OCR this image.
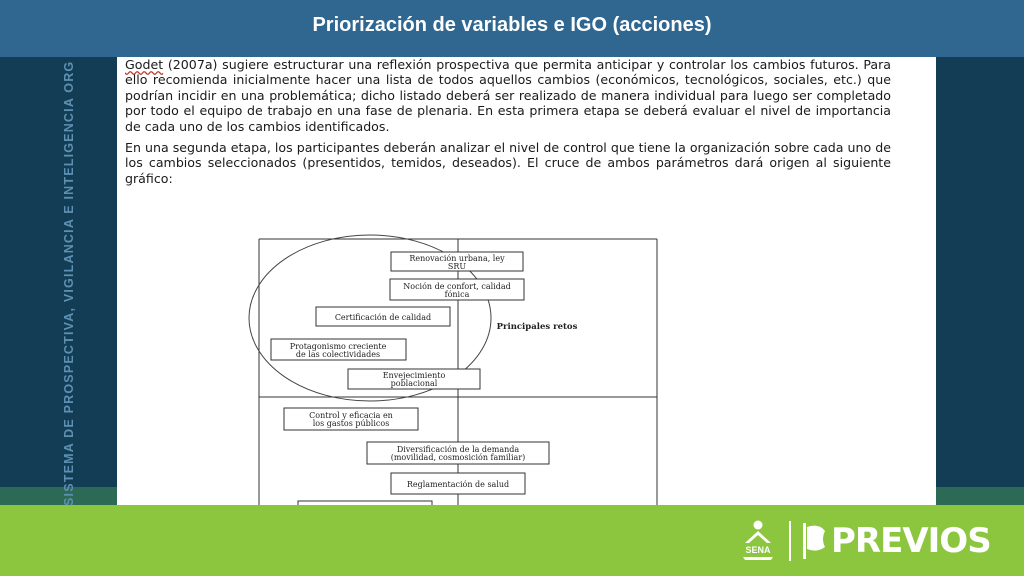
SISTEMA DE PROSPECTIVA, VIGILANCIA E INTELIGENCIA ORG
Priorización de variables e IGO (acciones)

Godet (2007a) sugiere estructurar una reflexión prospectiva que permita anticipar y controlar los cambios futuros. Para ello recomienda inicialmente hacer una lista de todos aquellos cambios (económicos, tecnológicos, sociales, etc.) que podrían incidir en una problemática; dicho listado deberá ser realizado de manera individual para luego ser completado por todo el equipo de trabajo en una fase de plenaria. En esta primera etapa se deberá evaluar el nivel de importancia de cada uno de los cambios identificados.

En una segunda etapa, los participantes deberán analizar el nivel de control que tiene la organización sobre cada uno de los cambios seleccionados (presentidos, temidos, deseados). El cruce de ambos parámetros dará origen al siguiente gráfico:

Renovación urbana, ley
SRU
Noción de confort, calidad
fónica
Certificación de calidad
Protagonismo creciente
de las colectividades
Envejecimiento
poblacional
Control y eficacia en
los gastos públicos
Diversificación de la demanda
(movilidad, cosmosición familiar)
Reglamentación de salud
Principales retos
SENA PREVIOS
